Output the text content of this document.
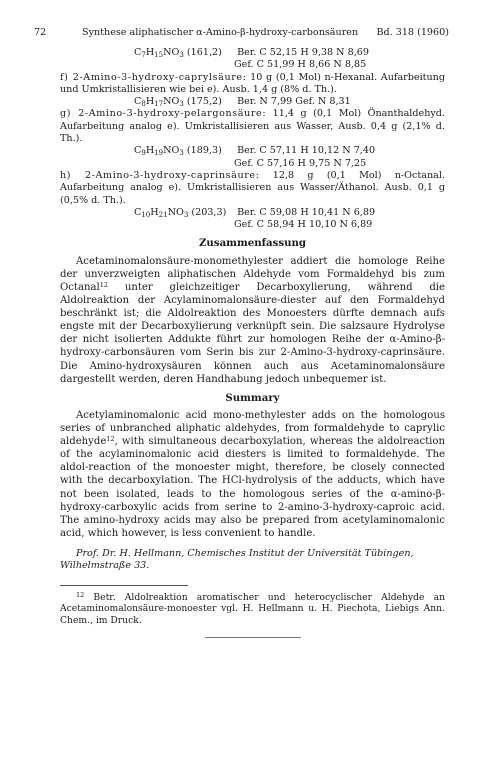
72	Synthese aliphatischer α-Amino-β-hydroxy-carbonsäuren Bd. 318 (1960)
$C_7H_{15}NO_3$ (161,2) Ber. C 52,15 H 9,38 N 8,69
Gef. C 51,99 H 8,66 N 8,85
f) 2-Amino-3-hydroxy-caprylsäure: 10 g (0,1 Mol) n-Hexanal. Aufarbeitung und Umkristallisieren wie bei e). Ausb. 1,4 g (8% d. Th.).
$C_8H_{17}NO_3$ (175,2) Ber. N 7,99 Gef. N 8,31
g) 2-Amino-3-hydroxy-pelargonsäure: 11,4 g (0,1 Mol) Önanthaldehyd. Aufarbeitung analog e). Umkristallisieren aus Wasser, Ausb. 0,4 g (2,1% d. Th.).
$C_9H_{19}NO_3$ (189,3) Ber. C 57,11 H 10,12 N 7,40
Gef. C 57,16 H 9,75 N 7,25
h) 2-Amino-3-hydroxy-caprinsäure: 12,8 g (0,1 Mol) n-Octanal. Aufarbeitung analog e). Umkristallisieren aus Wasser/Äthanol. Ausb. 0,1 g (0,5% d. Th.).
$C_{10}H_{21}NO_3$ (203,3) Ber. C 59,08 H 10,41 N 6,89
Gef. C 58,94 H 10,10 N 6,89
Zusammenfassung
Acetaminomalonsäure-monomethylester addiert die homologe Reihe der unverzweigten aliphatischen Aldehyde vom Formaldehyd bis zum Octanal$^{12}$ unter gleichzeitiger Decarboxylierung, während die Aldolreaktion der Acylaminomalonsäure-diester auf den Formaldehyd beschränkt ist; die Aldolreaktion des Monoesters dürfte demnach aufs engste mit der Decarboxylierung verknüpft sein. Die salzsaure Hydrolyse der nicht isolierten Addukte führt zur homologen Reihe der α-Amino-β-hydroxy-carbonsäuren vom Serin bis zur 2-Amino-3-hydroxy-caprinsäure. Die Amino-hydroxysäuren können auch aus Acetaminomalonsäure dargestellt werden, deren Handhabung jedoch unbequemer ist.
Summary
Acetylaminomalonic acid mono-methylester adds on the homologous series of unbranched aliphatic aldehydes, from formaldehyde to caprylic aldehyde$^{12}$, with simultaneous decarboxylation, whereas the aldolreaction of the acylaminomalonic acid diesters is limited to formaldehyde. The aldol-reaction of the monoester might, therefore, be closely connected with the decarboxylation. The HCl-hydrolysis of the adducts, which have not been isolated, leads to the homologous series of the α-amino-β-hydroxy-carboxylic acids from serine to 2-amino-3-hydroxy-caproic acid. The amino-hydroxy acids may also be prepared from acetylaminomalonic acid, which however, is less convenient to handle.
Prof. Dr. H. Hellmann, Chemisches Institut der Universität Tübingen, Wilhelmstraße 33.
$^{12}$ Betr. Aldolreaktion aromatischer und heterocyclischer Aldehyde an Acetaminomalonsäure-monoester vgl. H. Hellmann u. H. Piechota, Liebigs Ann. Chem., im Druck.
